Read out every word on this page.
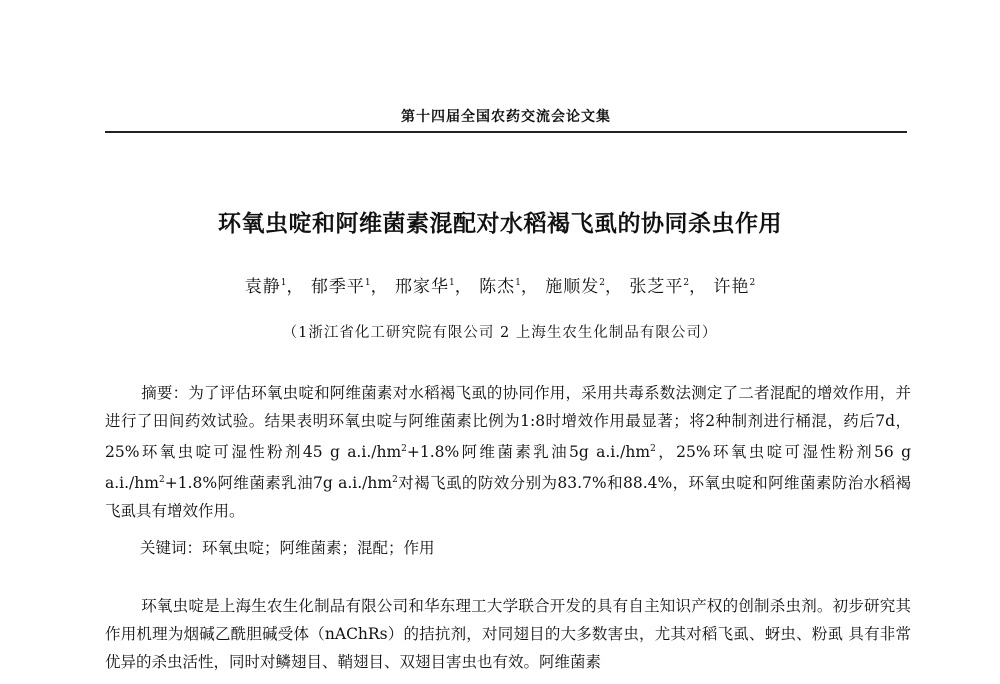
第十四届全国农药交流会论文集
环氧虫啶和阿维菌素混配对水稻褐飞虱的协同杀虫作用
袁静$^1$， 郁季平$^1$， 邢家华$^1$， 陈杰$^1$， 施顺发$^2$， 张芝平$^2$， 许艳$^2$
（1浙江省化工研究院有限公司 2 上海生农生化制品有限公司）
摘要：为了评估环氧虫啶和阿维菌素对水稻褐飞虱的协同作用，采用共毒系数法测定了二者混配的增效作用，并进行了田间药效试验。结果表明环氧虫啶与阿维菌素比例为1:8时增效作用最显著；将2种制剂进行桶混，药后7d，25%环氧虫啶可湿性粉剂45 g $a.i./hm^2+1.8\%$阿维菌素乳油5g $a.i./hm^2$，25%环氧虫啶可湿性粉剂56 g $a.i./hm^2+1.8\%$阿维菌素乳油7g $a.i./hm^2$对褐飞虱的防效分别为83.7%和88.4%，环氧虫啶和阿维菌素防治水稻褐飞虱具有增效作用。
关键词：环氧虫啶；阿维菌素；混配；作用
环氧虫啶是上海生农生化制品有限公司和华东理工大学联合开发的具有自主知识产权的创制杀虫剂。初步研究其作用机理为烟碱乙酰胆碱受体（nAChRs）的拮抗剂，对同翅目的大多数害虫，尤其对稻飞虱、蚜虫、粉虱 具有非常优异的杀虫活性，同时对鳞翅目、鞘翅目、双翅目害虫也有效。阿维菌素
